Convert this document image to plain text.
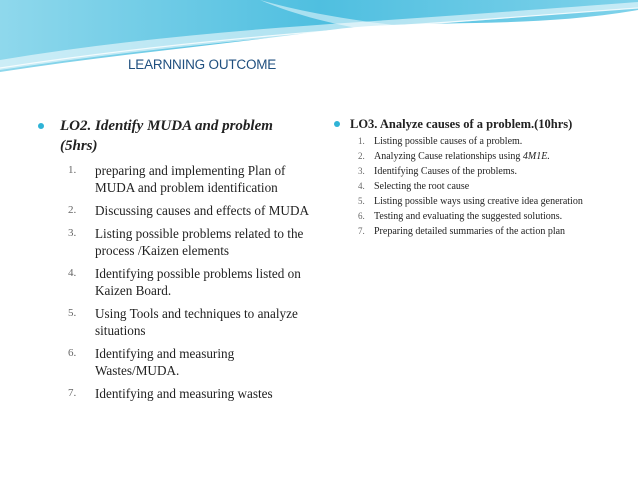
LEARNNING OUTCOME
LO2. Identify MUDA and problem (5hrs)
1. preparing and implementing Plan of MUDA and problem identification
2. Discussing causes and effects of MUDA
3. Listing possible problems related to the process /Kaizen elements
4. Identifying possible problems listed on Kaizen Board.
5. Using Tools and techniques to analyze situations
6. Identifying and measuring Wastes/MUDA.
7. Identifying and measuring wastes
LO3. Analyze causes of a problem.(10hrs)
1. Listing possible causes of a problem.
2. Analyzing Cause relationships using 4M1E.
3. Identifying Causes of the problems.
4. Selecting the root cause
5. Listing possible ways using creative idea generation
6. Testing and evaluating the suggested solutions.
7. Preparing detailed summaries of the action plan
